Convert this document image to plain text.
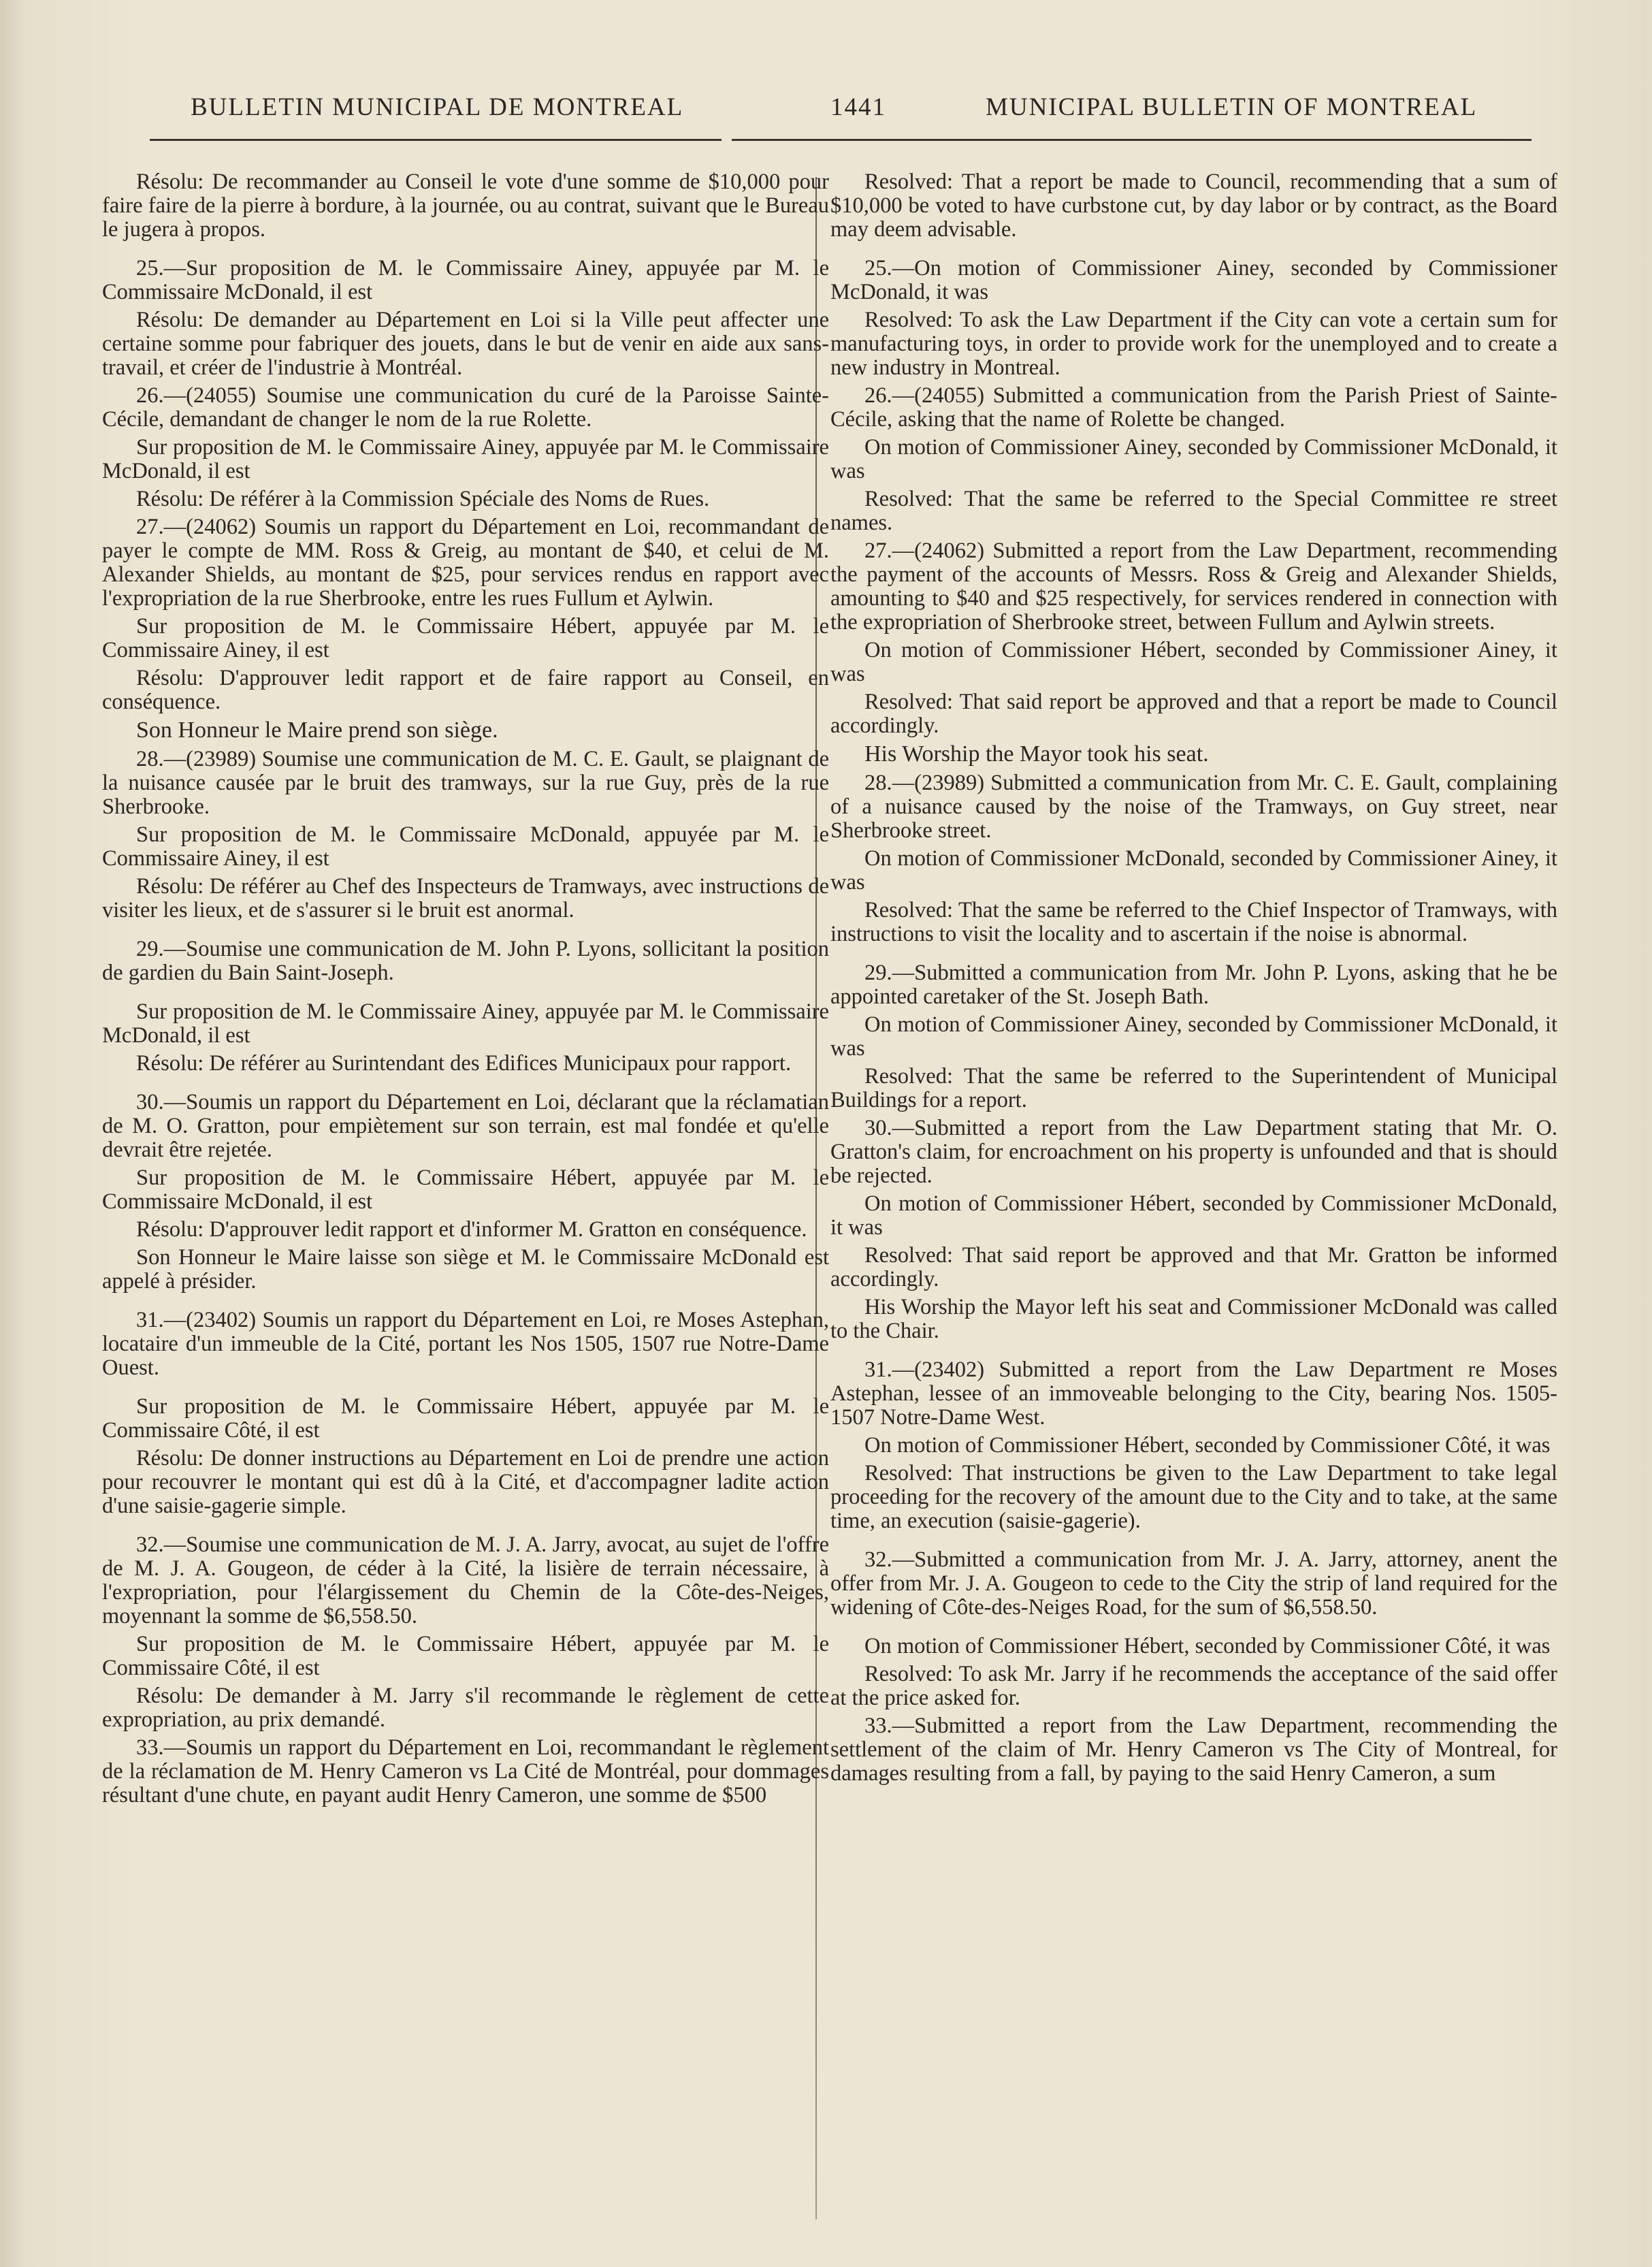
BULLETIN MUNICIPAL DE MONTREAL	1441	MUNICIPAL BULLETIN OF MONTREAL

Résolu: De recommander au Conseil le vote d'une somme de $10,000 pour faire faire de la pierre à bordure, à la journée, ou au contrat, suivant que le Bureau le jugera à propos.

25.—Sur proposition de M. le Commissaire Ainey, appuyée par M. le Commissaire McDonald, il est

Résolu: De demander au Département en Loi si la Ville peut affecter une certaine somme pour fabriquer des jouets, dans le but de venir en aide aux sans-travail, et créer de l'industrie à Montréal.

26.—(24055) Soumise une communication du curé de la Paroisse Sainte-Cécile, demandant de changer le nom de la rue Rolette.

Sur proposition de M. le Commissaire Ainey, appuyée par M. le Commissaire McDonald, il est

Résolu: De référer à la Commission Spéciale des Noms de Rues.

27.—(24062) Soumis un rapport du Département en Loi, recommandant de payer le compte de MM. Ross & Greig, au montant de $40, et celui de M. Alexander Shields, au montant de $25, pour services rendus en rapport avec l'expropriation de la rue Sherbrooke, entre les rues Fullum et Aylwin.

Sur proposition de M. le Commissaire Hébert, appuyée par M. le Commissaire Ainey, il est

Résolu: D'approuver ledit rapport et de faire rapport au Conseil, en conséquence.

Son Honneur le Maire prend son siège.

28.—(23989) Soumise une communication de M. C. E. Gault, se plaignant de la nuisance causée par le bruit des tramways, sur la rue Guy, près de la rue Sherbrooke.

Sur proposition de M. le Commissaire McDonald, appuyée par M. le Commissaire Ainey, il est

Résolu: De référer au Chef des Inspecteurs de Tramways, avec instructions de visiter les lieux, et de s'assurer si le bruit est anormal.

29.—Soumise une communication de M. John P. Lyons, sollicitant la position de gardien du Bain Saint-Joseph.

Sur proposition de M. le Commissaire Ainey, appuyée par M. le Commissaire McDonald, il est

Résolu: De référer au Surintendant des Edifices Municipaux pour rapport.

30.—Soumis un rapport du Département en Loi, déclarant que la réclamatian de M. O. Gratton, pour empiètement sur son terrain, est mal fondée et qu'elle devrait être rejetée.

Sur proposition de M. le Commissaire Hébert, appuyée par M. le Commissaire McDonald, il est

Résolu: D'approuver ledit rapport et d'informer M. Gratton en conséquence.

Son Honneur le Maire laisse son siège et M. le Commissaire McDonald est appelé à présider.

31.—(23402) Soumis un rapport du Département en Loi, re Moses Astephan, locataire d'un immeuble de la Cité, portant les Nos 1505, 1507 rue Notre-Dame Ouest.

Sur proposition de M. le Commissaire Hébert, appuyée par M. le Commissaire Côté, il est

Résolu: De donner instructions au Département en Loi de prendre une action pour recouvrer le montant qui est dû à la Cité, et d'accompagner ladite action d'une saisie-gagerie simple.

32.—Soumise une communication de M. J. A. Jarry, avocat, au sujet de l'offre de M. J. A. Gougeon, de céder à la Cité, la lisière de terrain nécessaire, à l'expropriation, pour l'élargissement du Chemin de la Côte-des-Neiges, moyennant la somme de $6,558.50.

Sur proposition de M. le Commissaire Hébert, appuyée par M. le Commissaire Côté, il est

Résolu: De demander à M. Jarry s'il recommande le règlement de cette expropriation, au prix demandé.

33.—Soumis un rapport du Département en Loi, recommandant le règlement de la réclamation de M. Henry Cameron vs La Cité de Montréal, pour dommages résultant d'une chute, en payant audit Henry Cameron, une somme de $500

Resolved: That a report be made to Council, recommending that a sum of $10,000 be voted to have curbstone cut, by day labor or by contract, as the Board may deem advisable.

25.—On motion of Commissioner Ainey, seconded by Commissioner McDonald, it was

Resolved: To ask the Law Department if the City can vote a certain sum for manufacturing toys, in order to provide work for the unemployed and to create a new industry in Montreal.

26.—(24055) Submitted a communication from the Parish Priest of Sainte-Cécile, asking that the name of Rolette be changed.

On motion of Commissioner Ainey, seconded by Commissioner McDonald, it was

Resolved: That the same be referred to the Special Committee re street names.

27.—(24062) Submitted a report from the Law Department, recommending the payment of the accounts of Messrs. Ross & Greig and Alexander Shields, amounting to $40 and $25 respectively, for services rendered in connection with the expropriation of Sherbrooke street, between Fullum and Aylwin streets.

On motion of Commissioner Hébert, seconded by Commissioner Ainey, it was

Resolved: That said report be approved and that a report be made to Council accordingly.

His Worship the Mayor took his seat.

28.—(23989) Submitted a communication from Mr. C. E. Gault, complaining of a nuisance caused by the noise of the Tramways, on Guy street, near Sherbrooke street.

On motion of Commissioner McDonald, seconded by Commissioner Ainey, it was

Resolved: That the same be referred to the Chief Inspector of Tramways, with instructions to visit the locality and to ascertain if the noise is abnormal.

29.—Submitted a communication from Mr. John P. Lyons, asking that he be appointed caretaker of the St. Joseph Bath.

On motion of Commissioner Ainey, seconded by Commissioner McDonald, it was

Resolved: That the same be referred to the Superintendent of Municipal Buildings for a report.

30.—Submitted a report from the Law Department stating that Mr. O. Gratton's claim, for encroachment on his property is unfounded and that is should be rejected.

On motion of Commissioner Hébert, seconded by Commissioner McDonald, it was

Resolved: That said report be approved and that Mr. Gratton be informed accordingly.

His Worship the Mayor left his seat and Commissioner McDonald was called to the Chair.

31.—(23402) Submitted a report from the Law Department re Moses Astephan, lessee of an immoveable belonging to the City, bearing Nos. 1505-1507 Notre-Dame West.

On motion of Commissioner Hébert, seconded by Commissioner Côté, it was

Resolved: That instructions be given to the Law Department to take legal proceeding for the recovery of the amount due to the City and to take, at the same time, an execution (saisie-gagerie).

32.—Submitted a communication from Mr. J. A. Jarry, attorney, anent the offer from Mr. J. A. Gougeon to cede to the City the strip of land required for the widening of Côte-des-Neiges Road, for the sum of $6,558.50.

On motion of Commissioner Hébert, seconded by Commissioner Côté, it was

Resolved: To ask Mr. Jarry if he recommends the acceptance of the said offer at the price asked for.

33.—Submitted a report from the Law Department, recommending the settlement of the claim of Mr. Henry Cameron vs The City of Montreal, for damages resulting from a fall, by paying to the said Henry Cameron, a sum
